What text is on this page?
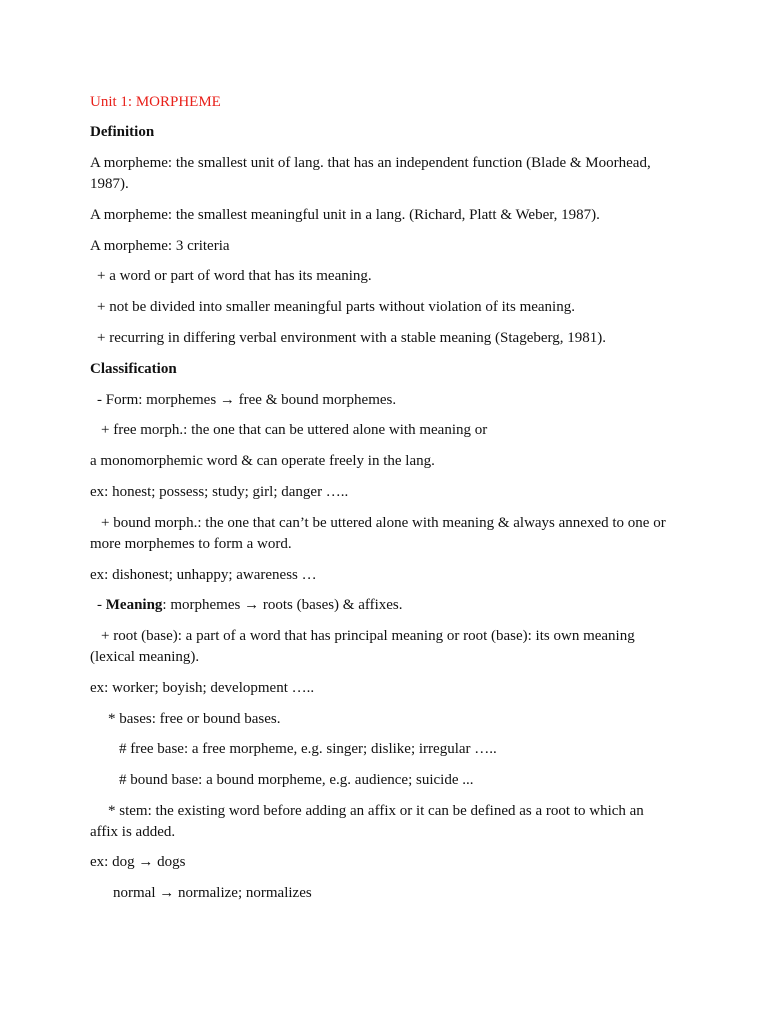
Unit 1: MORPHEME
Definition
A morpheme: the smallest unit of lang. that has an independent function (Blade & Moorhead, 1987).
A morpheme: the smallest meaningful unit in a lang. (Richard, Platt & Weber, 1987).
A morpheme: 3 criteria
+ a word or part of word that has its meaning.
+ not be divided into smaller meaningful parts without violation of its meaning.
+ recurring in differing verbal environment with a stable meaning (Stageberg, 1981).
Classification
- Form: morphemes → free & bound morphemes.
+ free morph.: the one that can be uttered alone with meaning or
a monomorphemic word & can operate freely in the lang.
ex: honest; possess; study; girl; danger …..
+ bound morph.: the one that can’t be uttered alone with meaning & always annexed to one or more morphemes to form a word.
ex: dishonest; unhappy; awareness …
- Meaning: morphemes → roots (bases) & affixes.
+ root (base): a part of a word that has principal meaning or root (base): its own meaning (lexical meaning).
ex: worker; boyish; development …..
* bases: free or bound bases.
# free base: a free morpheme, e.g. singer; dislike; irregular …..
# bound base: a bound morpheme, e.g. audience; suicide ...
* stem: the existing word before adding an affix or it can be defined as a root to which an affix is added.
ex: dog → dogs
normal → normalize; normalizes
